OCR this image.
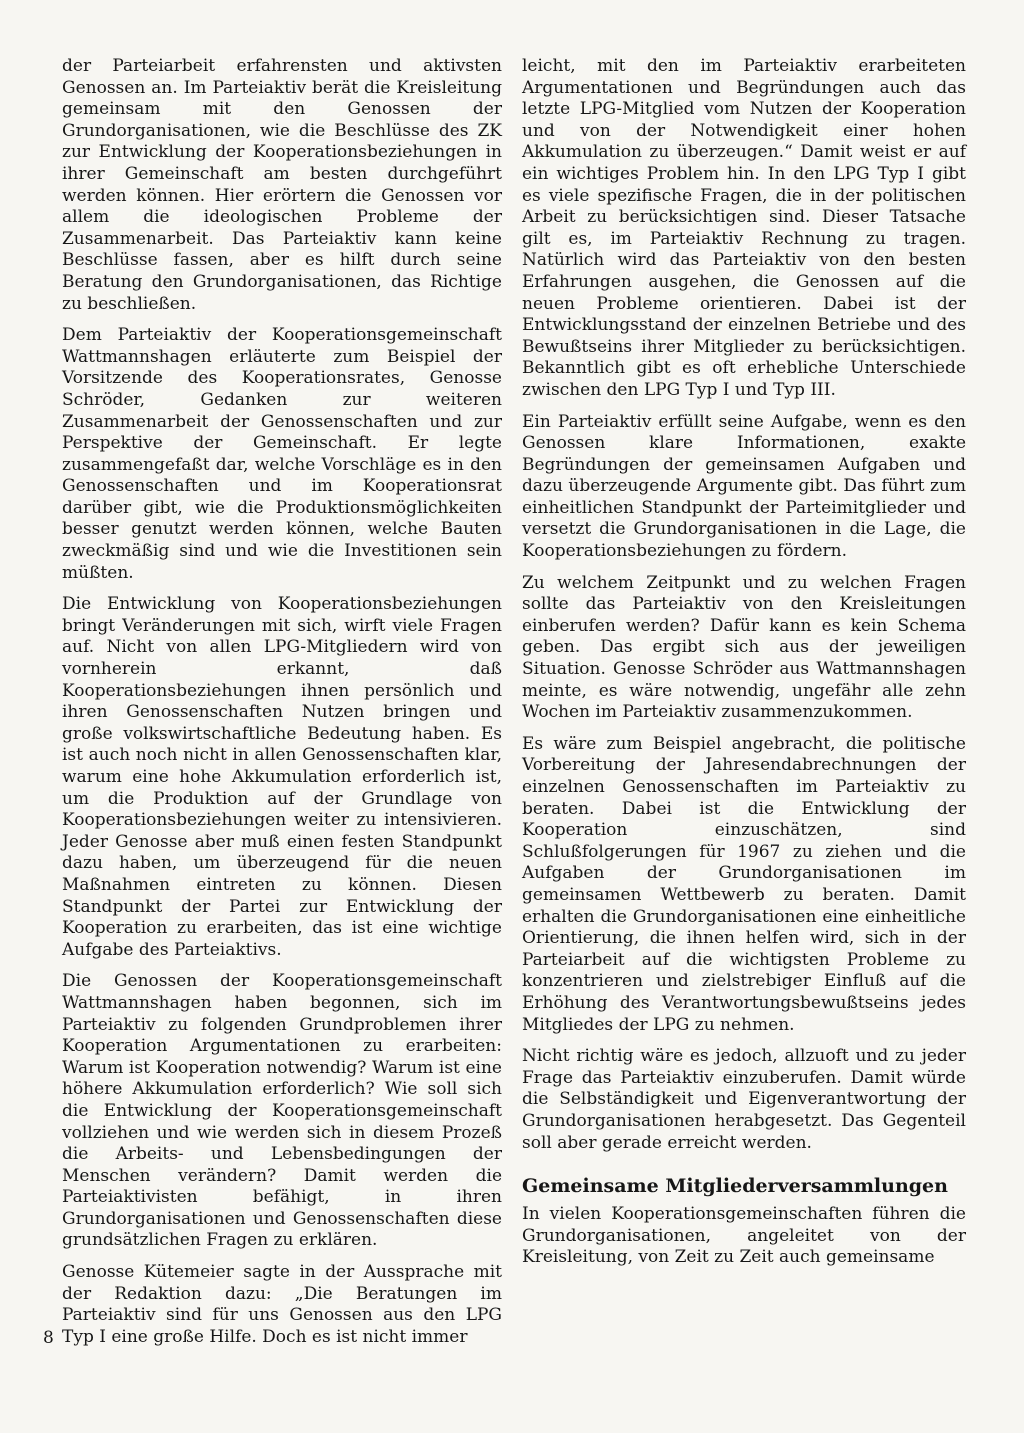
der Parteiarbeit erfahrensten und aktivsten Genossen an. Im Parteiaktiv berät die Kreisleitung gemeinsam mit den Genossen der Grundorganisationen, wie die Beschlüsse des ZK zur Entwicklung der Kooperationsbeziehungen in ihrer Gemeinschaft am besten durchgeführt werden können. Hier erörtern die Genossen vor allem die ideologischen Probleme der Zusammenarbeit. Das Parteiaktiv kann keine Beschlüsse fassen, aber es hilft durch seine Beratung den Grundorganisationen, das Richtige zu beschließen.

Dem Parteiaktiv der Kooperationsgemeinschaft Wattmannshagen erläuterte zum Beispiel der Vorsitzende des Kooperationsrates, Genosse Schröder, Gedanken zur weiteren Zusammenarbeit der Genossenschaften und zur Perspektive der Gemeinschaft. Er legte zusammengefaßt dar, welche Vorschläge es in den Genossenschaften und im Kooperationsrat darüber gibt, wie die Produktionsmöglichkeiten besser genutzt werden können, welche Bauten zweckmäßig sind und wie die Investitionen sein müßten.

Die Entwicklung von Kooperationsbeziehungen bringt Veränderungen mit sich, wirft viele Fragen auf. Nicht von allen LPG-Mitgliedern wird von vornherein erkannt, daß Kooperationsbeziehungen ihnen persönlich und ihren Genossenschaften Nutzen bringen und große volkswirtschaftliche Bedeutung haben. Es ist auch noch nicht in allen Genossenschaften klar, warum eine hohe Akkumulation erforderlich ist, um die Produktion auf der Grundlage von Kooperationsbeziehungen weiter zu intensivieren. Jeder Genosse aber muß einen festen Standpunkt dazu haben, um überzeugend für die neuen Maßnahmen eintreten zu können. Diesen Standpunkt der Partei zur Entwicklung der Kooperation zu erarbeiten, das ist eine wichtige Aufgabe des Parteiaktivs.

Die Genossen der Kooperationsgemeinschaft Wattmannshagen haben begonnen, sich im Parteiaktiv zu folgenden Grundproblemen ihrer Kooperation Argumentationen zu erarbeiten: Warum ist Kooperation notwendig? Warum ist eine höhere Akkumulation erforderlich? Wie soll sich die Entwicklung der Kooperationsgemeinschaft vollziehen und wie werden sich in diesem Prozeß die Arbeits- und Lebensbedingungen der Menschen verändern? Damit werden die Parteiaktivisten befähigt, in ihren Grundorganisationen und Genossenschaften diese grundsätzlichen Fragen zu erklären.

Genosse Kütemeier sagte in der Aussprache mit der Redaktion dazu: „Die Beratungen im Parteiaktiv sind für uns Genossen aus den LPG Typ I eine große Hilfe. Doch es ist nicht immer

leicht, mit den im Parteiaktiv erarbeiteten Argumentationen und Begründungen auch das letzte LPG-Mitglied vom Nutzen der Kooperation und von der Notwendigkeit einer hohen Akkumulation zu überzeugen.“ Damit weist er auf ein wichtiges Problem hin. In den LPG Typ I gibt es viele spezifische Fragen, die in der politischen Arbeit zu berücksichtigen sind. Dieser Tatsache gilt es, im Parteiaktiv Rechnung zu tragen. Natürlich wird das Parteiaktiv von den besten Erfahrungen ausgehen, die Genossen auf die neuen Probleme orientieren. Dabei ist der Entwicklungsstand der einzelnen Betriebe und des Bewußtseins ihrer Mitglieder zu berücksichtigen. Bekanntlich gibt es oft erhebliche Unterschiede zwischen den LPG Typ I und Typ III.

Ein Parteiaktiv erfüllt seine Aufgabe, wenn es den Genossen klare Informationen, exakte Begründungen der gemeinsamen Aufgaben und dazu überzeugende Argumente gibt. Das führt zum einheitlichen Standpunkt der Parteimitglieder und versetzt die Grundorganisationen in die Lage, die Kooperationsbeziehungen zu fördern.

Zu welchem Zeitpunkt und zu welchen Fragen sollte das Parteiaktiv von den Kreisleitungen einberufen werden? Dafür kann es kein Schema geben. Das ergibt sich aus der jeweiligen Situation. Genosse Schröder aus Wattmannshagen meinte, es wäre notwendig, ungefähr alle zehn Wochen im Parteiaktiv zusammenzukommen.

Es wäre zum Beispiel angebracht, die politische Vorbereitung der Jahresendabrechnungen der einzelnen Genossenschaften im Parteiaktiv zu beraten. Dabei ist die Entwicklung der Kooperation einzuschätzen, sind Schlußfolgerungen für 1967 zu ziehen und die Aufgaben der Grundorganisationen im gemeinsamen Wettbewerb zu beraten. Damit erhalten die Grundorganisationen eine einheitliche Orientierung, die ihnen helfen wird, sich in der Parteiarbeit auf die wichtigsten Probleme zu konzentrieren und zielstrebiger Einfluß auf die Erhöhung des Verantwortungsbewußtseins jedes Mitgliedes der LPG zu nehmen.

Nicht richtig wäre es jedoch, allzuoft und zu jeder Frage das Parteiaktiv einzuberufen. Damit würde die Selbständigkeit und Eigenverantwortung der Grundorganisationen herabgesetzt. Das Gegenteil soll aber gerade erreicht werden.

Gemeinsame Mitgliederversammlungen

In vielen Kooperationsgemeinschaften führen die Grundorganisationen, angeleitet von der Kreisleitung, von Zeit zu Zeit auch gemeinsame

8
